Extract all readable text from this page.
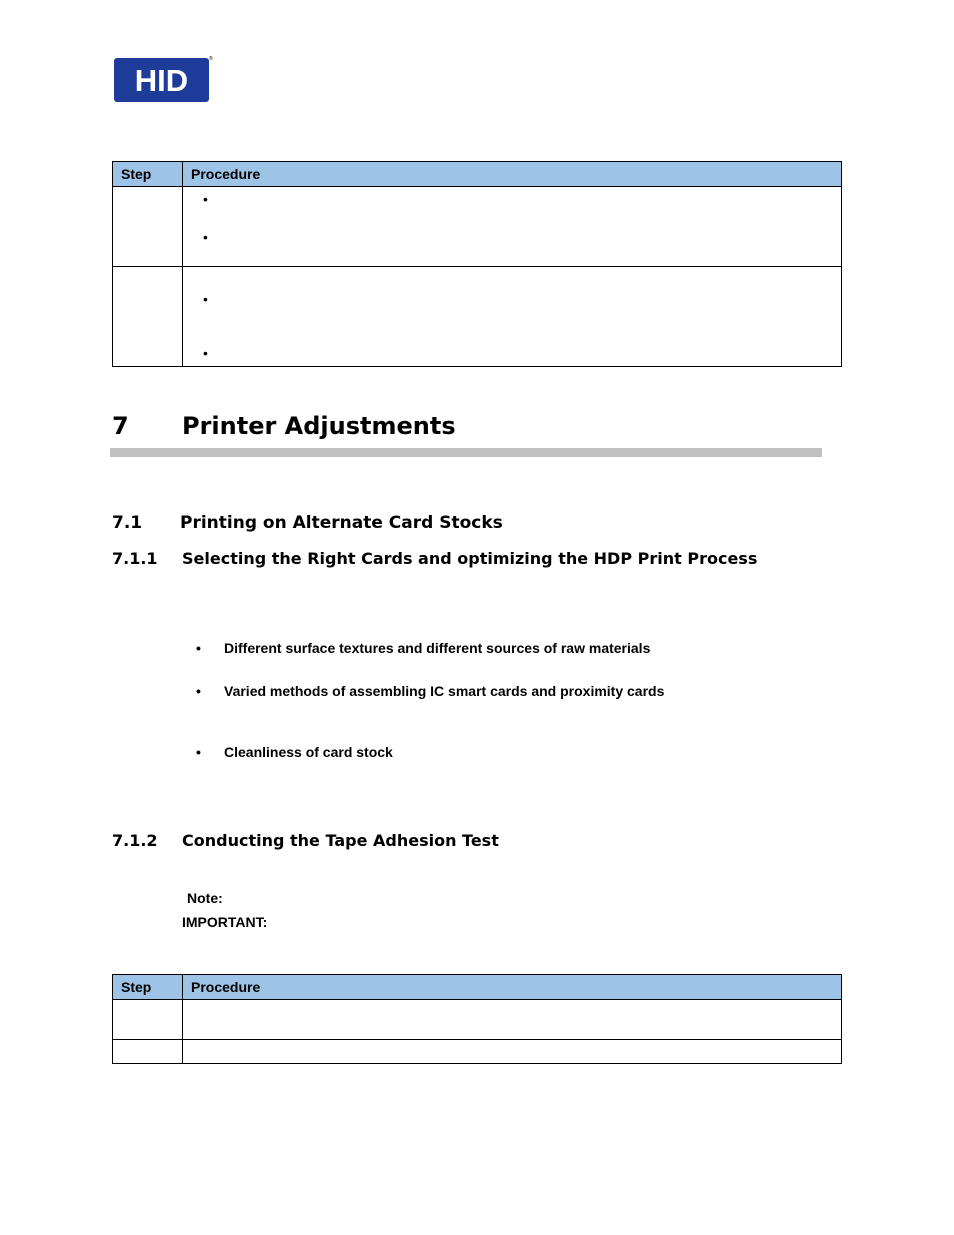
HID
®
Step	Procedure

	•
•

	•
•
7 Printer Adjustments
7.1 Printing on Alternate Card Stocks
7.1.1 Selecting the Right Cards and optimizing the HDP Print Process
• Different surface textures and different sources of raw materials
• Varied methods of assembling IC smart cards and proximity cards
• Cleanliness of card stock
7.1.2 Conducting the Tape Adhesion Test
Note:
IMPORTANT:
Step	Procedure
